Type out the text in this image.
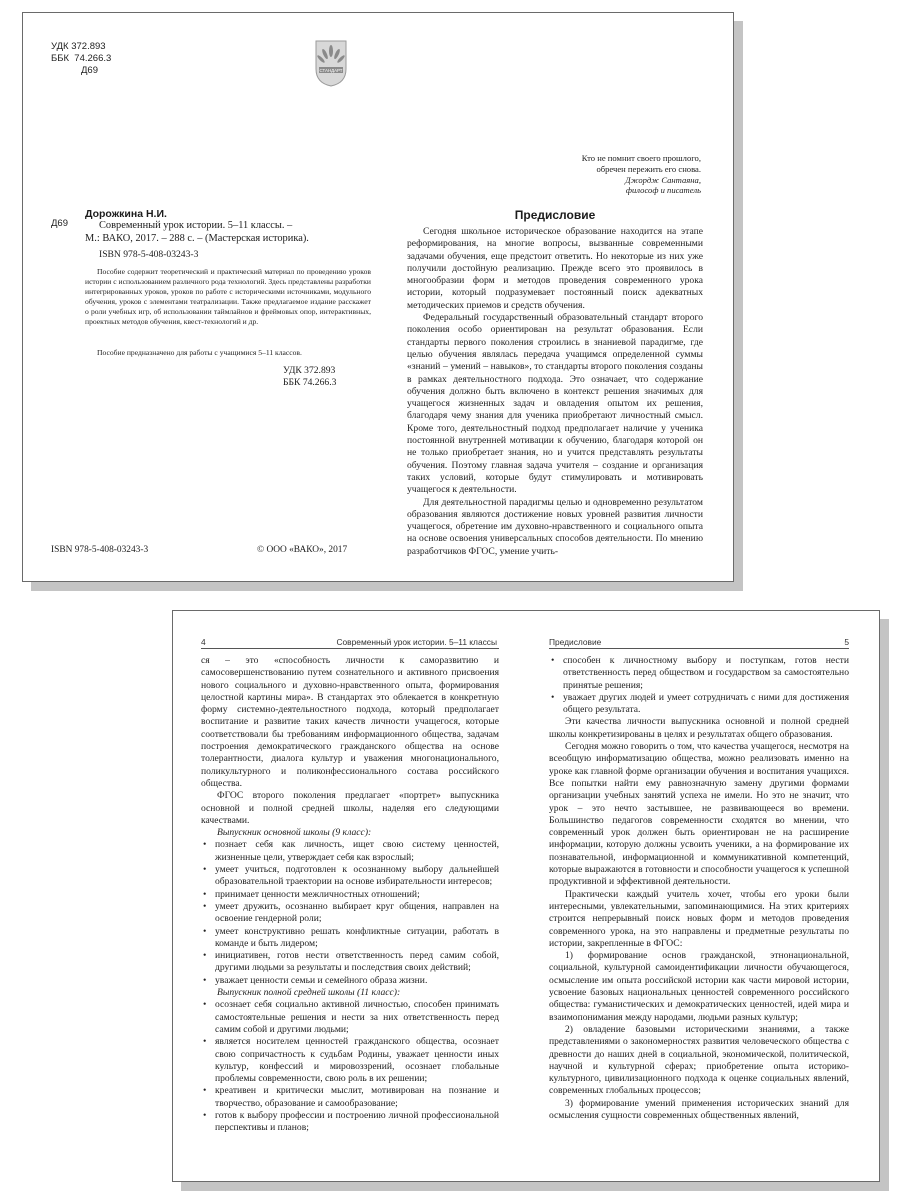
УДК 372.893
ББК 74.266.3
Д69	СТАНДАРТ
Д69
Дорожкина Н.И.
Современный урок истории. 5–11 классы. –
М.: ВАКО, 2017. – 288 с. – (Мастерская историка).
ISBN 978-5-408-03243-3
Пособие содержит теоретический и практический материал по проведению уроков истории с использованием различного рода технологий. Здесь представлены разработки интегрированных уроков, уроков по работе с историческими источниками, модульного обучения, уроков с элементами театрализации. Также предлагаемое издание расскажет о роли учебных игр, об использовании таймлайнов и фреймовых опор, интерактивных, проектных методов обучения, квест-технологий и др.
Пособие предназначено для работы с учащимися 5–11 классов.
УДК 372.893
ББК 74.266.3
ISBN 978-5-408-03243-3	© ООО «ВАКО», 2017
Кто не помнит своего прошлого,
обречен пережить его снова.
Джордж Сантаяна,
философ и писатель
Предисловие

Сегодня школьное историческое образование находится на этапе реформирования, на многие вопросы, вызванные современными задачами обучения, еще предстоит ответить. Но некоторые из них уже получили достойную реализацию. Прежде всего это проявилось в многообразии форм и методов проведения современного урока истории, который подразумевает постоянный поиск адекватных методических приемов и средств обучения.

Федеральный государственный образовательный стандарт второго поколения особо ориентирован на результат образования. Если стандарты первого поколения строились в знаниевой парадигме, где целью обучения являлась передача учащимся определенной суммы «знаний – умений – навыков», то стандарты второго поколения созданы в рамках деятельностного подхода. Это означает, что содержание обучения должно быть включено в контекст решения значимых для учащегося жизненных задач и овладения опытом их решения, благодаря чему знания для ученика приобретают личностный смысл. Кроме того, деятельностный подход предполагает наличие у ученика постоянной внутренней мотивации к обучению, благодаря которой он не только приобретает знания, но и учится представлять результаты обучения. Поэтому главная задача учителя – создание и организация таких условий, которые будут стимулировать и мотивировать учащегося к деятельности.

Для деятельностной парадигмы целью и одновременно результатом образования являются достижение новых уровней развития личности учащегося, обретение им духовно-нравственного и социального опыта на основе освоения универсальных способов деятельности. По мнению разработчиков ФГОС, умение учить-

4	Современный урок истории. 5–11 классы

ся – это «способность личности к саморазвитию и самосовершенствованию путем сознательного и активного присвоения нового социального и духовно-нравственного опыта, формирования целостной картины мира». В стандартах это облекается в конкретную форму системно-деятельностного подхода, который предполагает воспитание и развитие таких качеств личности учащегося, которые соответствовали бы требованиям информационного общества, задачам построения демократического гражданского общества на основе толерантности, диалога культур и уважения многонационального, поликультурного и поликонфессионального состава российского общества.

ФГОС второго поколения предлагает «портрет» выпускника основной и полной средней школы, наделяя его следующими качествами.

Выпускник основной школы (9 класс):

• познает себя как личность, ищет свою систему ценностей, жизненные цели, утверждает себя как взрослый;
• умеет учиться, подготовлен к осознанному выбору дальнейшей образовательной траектории на основе избирательности интересов;
• принимает ценности межличностных отношений;
• умеет дружить, осознанно выбирает круг общения, направлен на освоение гендерной роли;
• умеет конструктивно решать конфликтные ситуации, работать в команде и быть лидером;
• инициативен, готов нести ответственность перед самим собой, другими людьми за результаты и последствия своих действий;
• уважает ценности семьи и семейного образа жизни.

Выпускник полной средней школы (11 класс):

• осознает себя социально активной личностью, способен принимать самостоятельные решения и нести за них ответственность перед самим собой и другими людьми;
• является носителем ценностей гражданского общества, осознает свою сопричастность к судьбам Родины, уважает ценности иных культур, конфессий и мировоззрений, осознает глобальные проблемы современности, свою роль в их решении;
• креативен и критически мыслит, мотивирован на познание и творчество, образование и самообразование;
• готов к выбору профессии и построению личной профессиональной перспективы и планов;
Предисловие	5
• способен к личностному выбору и поступкам, готов нести ответственность перед обществом и государством за самостоятельно принятые решения;
• уважает других людей и умеет сотрудничать с ними для достижения общего результата.

Эти качества личности выпускника основной и полной средней школы конкретизированы в целях и результатах общего образования.

Сегодня можно говорить о том, что качества учащегося, несмотря на всеобщую информатизацию общества, можно реализовать именно на уроке как главной форме организации обучения и воспитания учащихся. Все попытки найти ему равнозначную замену другими формами организации учебных занятий успеха не имели. Но это не значит, что урок – это нечто застывшее, не развивающееся во времени. Большинство педагогов современности сходятся во мнении, что современный урок должен быть ориентирован не на расширение информации, которую должны усвоить ученики, а на формирование их познавательной, информационной и коммуникативной компетенций, которые выражаются в готовности и способности учащегося к успешной продуктивной и эффективной деятельности.

Практически каждый учитель хочет, чтобы его уроки были интересными, увлекательными, запоминающимися. На этих критериях строится непрерывный поиск новых форм и методов проведения современного урока, на это направлены и предметные результаты по истории, закрепленные в ФГОС:

1) формирование основ гражданской, этнонациональной, социальной, культурной самоидентификации личности обучающегося, осмысление им опыта российской истории как части мировой истории, усвоение базовых национальных ценностей современного российского общества: гуманистических и демократических ценностей, идей мира и взаимопонимания между народами, людьми разных культур;

2) овладение базовыми историческими знаниями, а также представлениями о закономерностях развития человеческого общества с древности до наших дней в социальной, экономической, политической, научной и культурной сферах; приобретение опыта историко-культурного, цивилизационного подхода к оценке социальных явлений, современных глобальных процессов;

3) формирование умений применения исторических знаний для осмысления сущности современных общественных явлений,
